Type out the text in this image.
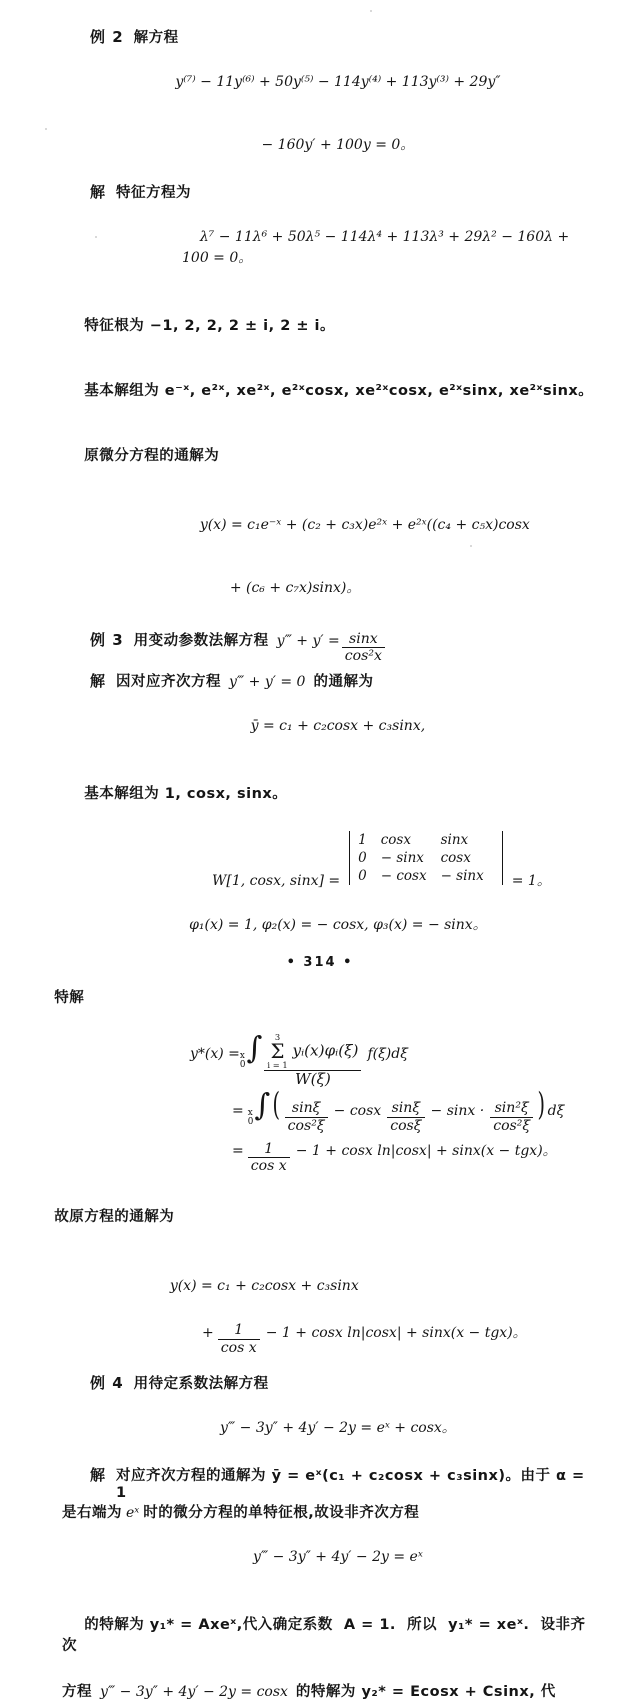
例 2 解方程

y⁽⁷⁾ − 11y⁽⁶⁾ + 50y⁽⁵⁾ − 114y⁽⁴⁾ + 113y⁽³⁾ + 29y″

− 160y′ + 100y = 0。

解 特征方程为

λ⁷ − 11λ⁶ + 50λ⁵ − 114λ⁴ + 113λ³ + 29λ² − 160λ + 100 = 0。

特征根为 −1, 2, 2, 2 ± i, 2 ± i。

基本解组为 e⁻ˣ, e²ˣ, xe²ˣ, e²ˣcosx, xe²ˣcosx, e²ˣsinx, xe²ˣsinx。

原微分方程的通解为

y(x) = c₁e⁻ˣ + (c₂ + c₃x)e²ˣ + e²ˣ((c₄ + c₅x)cosx

+ (c₆ + c₇x)sinx)。

例 3 用变动参数法解方程 y‴ + $y' = \frac{\sin x}{\text{cos²x}}$
解 因对应齐次方程 y‴ + y′ = 0 的通解为

ȳ = c₁ + c₂cosx + c₃sinx,

基本解组为 1, cosx, sinx。

W[1, cosx, sinx] =
1	cosx	sinx
0	− sinx	cosx
0	− cosx	− sinx = 1。

φ₁(x) = 1, φ₂(x) = − cosx, φ₃(x) = − sinx。

特解

y*(x) = x
0 ∫ 3
Σ
i = 1
yᵢ(x)φᵢ(ξ)
W(ξ) f(ξ)dξ
= x
0 ∫ ( $\frac{\sin\xi}{\text{cos²ξ}} - \cos x \frac{\sin\xi}{\cos\xi} - \sin x \cdot \frac{\text{sin²ξ}}{\text{cos²ξ}}$ ) dξ
= $\frac{1}{\text{cos x}} - 1 + \cos x$ ln|cosx| + sinx(x − tgx)。

故原方程的通解为

y(x) = c₁ + c₂cosx + c₃sinx

+ $\frac{1}{\text{cos x}} - 1 + \cos x$ ln|cosx| + sinx(x − tgx)。
例 4 用待定系数法解方程

y‴ − 3y″ + 4y′ − 2y = eˣ + cosx。

解 对应齐次方程的通解为 ȳ = eˣ(c₁ + c₂cosx + c₃sinx)。由于 α = 1
是右端为 eˣ 时的微分方程的单特征根,故设非齐次方程

y‴ − 3y″ + 4y′ − 2y = eˣ

的特解为 y₁* = Axeˣ,代入确定系数  A = 1.  所以  y₁* = xeˣ.  设非齐次

方程 y‴ − 3y″ + 4y′ − 2y = cosx 的特解为 y₂* = Ecosx + Csinx, 代
• 314 •
